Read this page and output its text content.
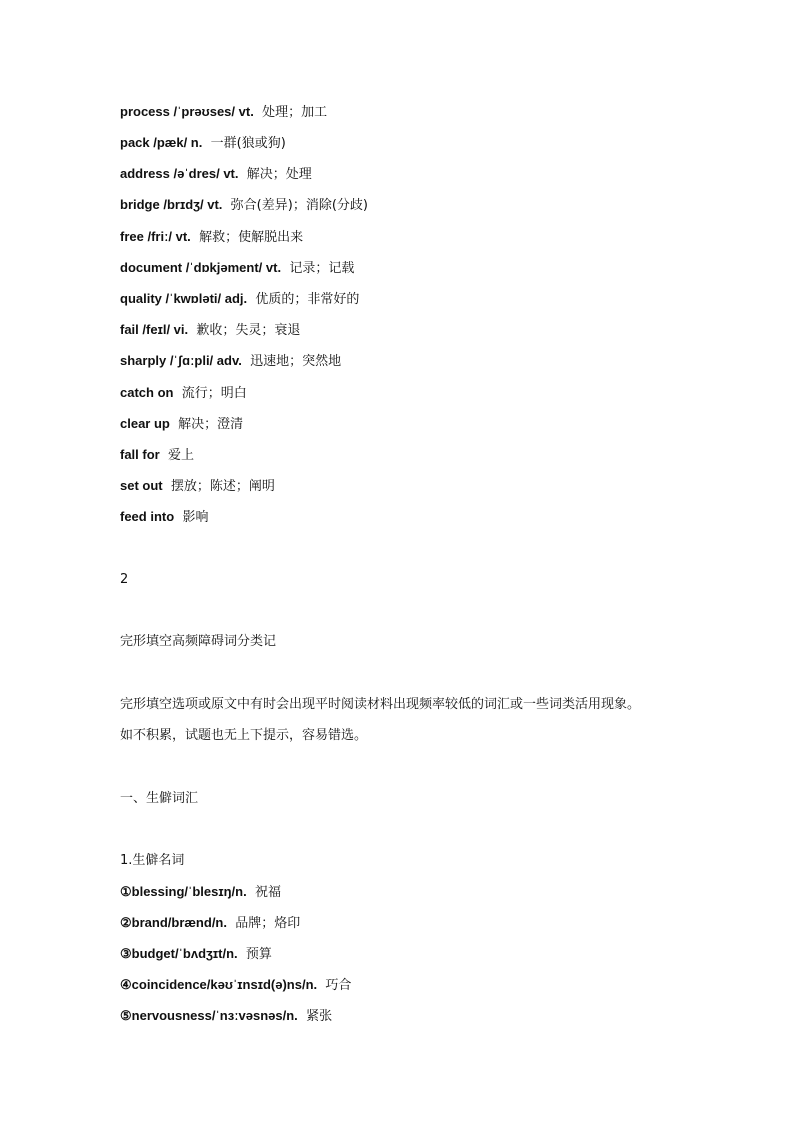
process /ˈprəʊses/ vt. 处理；加工
pack /pæk/ n. 一群(狼或狗)
address /əˈdres/ vt. 解决；处理
bridge /brɪdʒ/ vt. 弥合(差异)；消除(分歧)
free /friː/ vt. 解救；使解脱出来
document /ˈdɒkjəment/ vt. 记录；记载
quality /ˈkwɒləti/ adj. 优质的；非常好的
fail /feɪl/ vi. 歉收；失灵；衰退
sharply /ˈʃɑːpli/ adv. 迅速地；突然地
catch on 流行；明白
clear up 解决；澄清
fall for 爱上
set out 摆放；陈述；阐明
feed into 影响
2
完形填空高频障碍词分类记
完形填空选项或原文中有时会出现平时阅读材料出现频率较低的词汇或一些词类活用现象。
如不积累，试题也无上下提示，容易错选。
一、生僻词汇
1.生僻名词
①blessing/ˈblesɪŋ/n. 祝福
②brand/brænd/n. 品牌；烙印
③budget/ˈbʌdʒɪt/n. 预算
④coincidence/kəʊˈɪnsɪd(ə)ns/n. 巧合
⑤nervousness/ˈnɜːvəsnəs/n. 紧张
